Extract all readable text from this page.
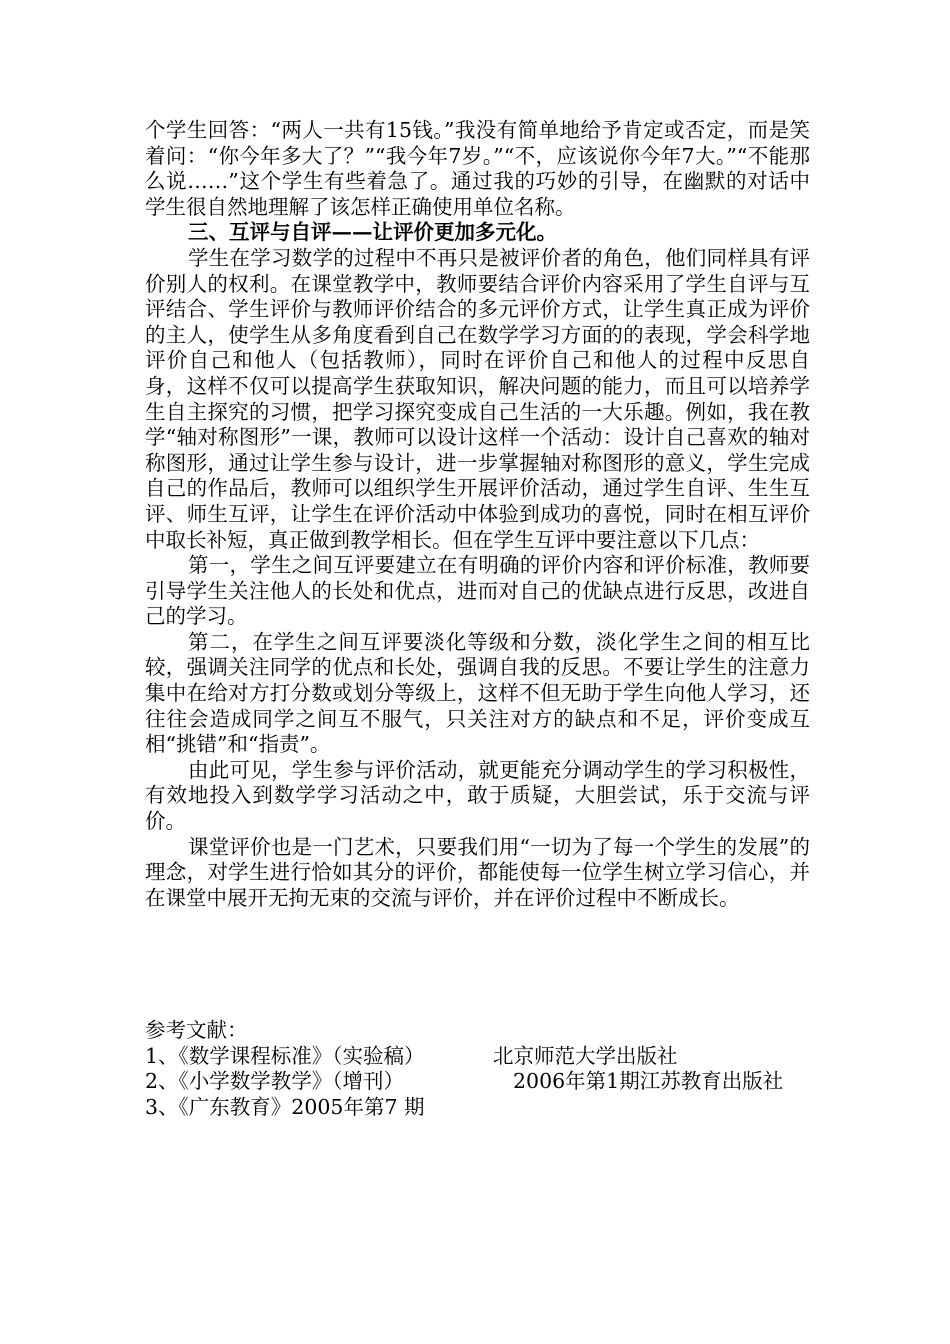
个学生回答：“两人一共有15钱。”我没有简单地给予肯定或否定，而是笑着问：“你今年多大了？”“我今年7岁。”“不，应该说你今年7大。”“不能那么说……”这个学生有些着急了。通过我的巧妙的引导，在幽默的对话中学生很自然地理解了该怎样正确使用单位名称。

三、互评与自评——让评价更加多元化。

学生在学习数学的过程中不再只是被评价者的角色，他们同样具有评价别人的权利。在课堂教学中，教师要结合评价内容采用了学生自评与互评结合、学生评价与教师评价结合的多元评价方式，让学生真正成为评价的主人，使学生从多角度看到自己在数学学习方面的的表现，学会科学地评价自己和他人（包括教师），同时在评价自己和他人的过程中反思自身，这样不仅可以提高学生获取知识，解决问题的能力，而且可以培养学生自主探究的习惯，把学习探究变成自己生活的一大乐趣。例如，我在教学“轴对称图形”一课，教师可以设计这样一个活动：设计自己喜欢的轴对称图形，通过让学生参与设计，进一步掌握轴对称图形的意义，学生完成自己的作品后，教师可以组织学生开展评价活动，通过学生自评、生生互评、师生互评，让学生在评价活动中体验到成功的喜悦，同时在相互评价中取长补短，真正做到教学相长。但在学生互评中要注意以下几点：

第一，学生之间互评要建立在有明确的评价内容和评价标准，教师要引导学生关注他人的长处和优点，进而对自己的优缺点进行反思，改进自己的学习。

第二，在学生之间互评要淡化等级和分数，淡化学生之间的相互比较，强调关注同学的优点和长处，强调自我的反思。不要让学生的注意力集中在给对方打分数或划分等级上，这样不但无助于学生向他人学习，还往往会造成同学之间互不服气，只关注对方的缺点和不足，评价变成互相“挑错”和“指责”。

由此可见，学生参与评价活动，就更能充分调动学生的学习积极性，有效地投入到数学学习活动之中，敢于质疑，大胆尝试，乐于交流与评价。

课堂评价也是一门艺术，只要我们用“一切为了每一个学生的发展”的理念，对学生进行恰如其分的评价，都能使每一位学生树立学习信心，并在课堂中展开无拘无束的交流与评价，并在评价过程中不断成长。

参考文献：

1、《数学课程标准》（实验稿）	北京师范大学出版社
2、《小学数学教学》（增刊）	2006年第1期江苏教育出版社
3、《广东教育》2005年第7 期
